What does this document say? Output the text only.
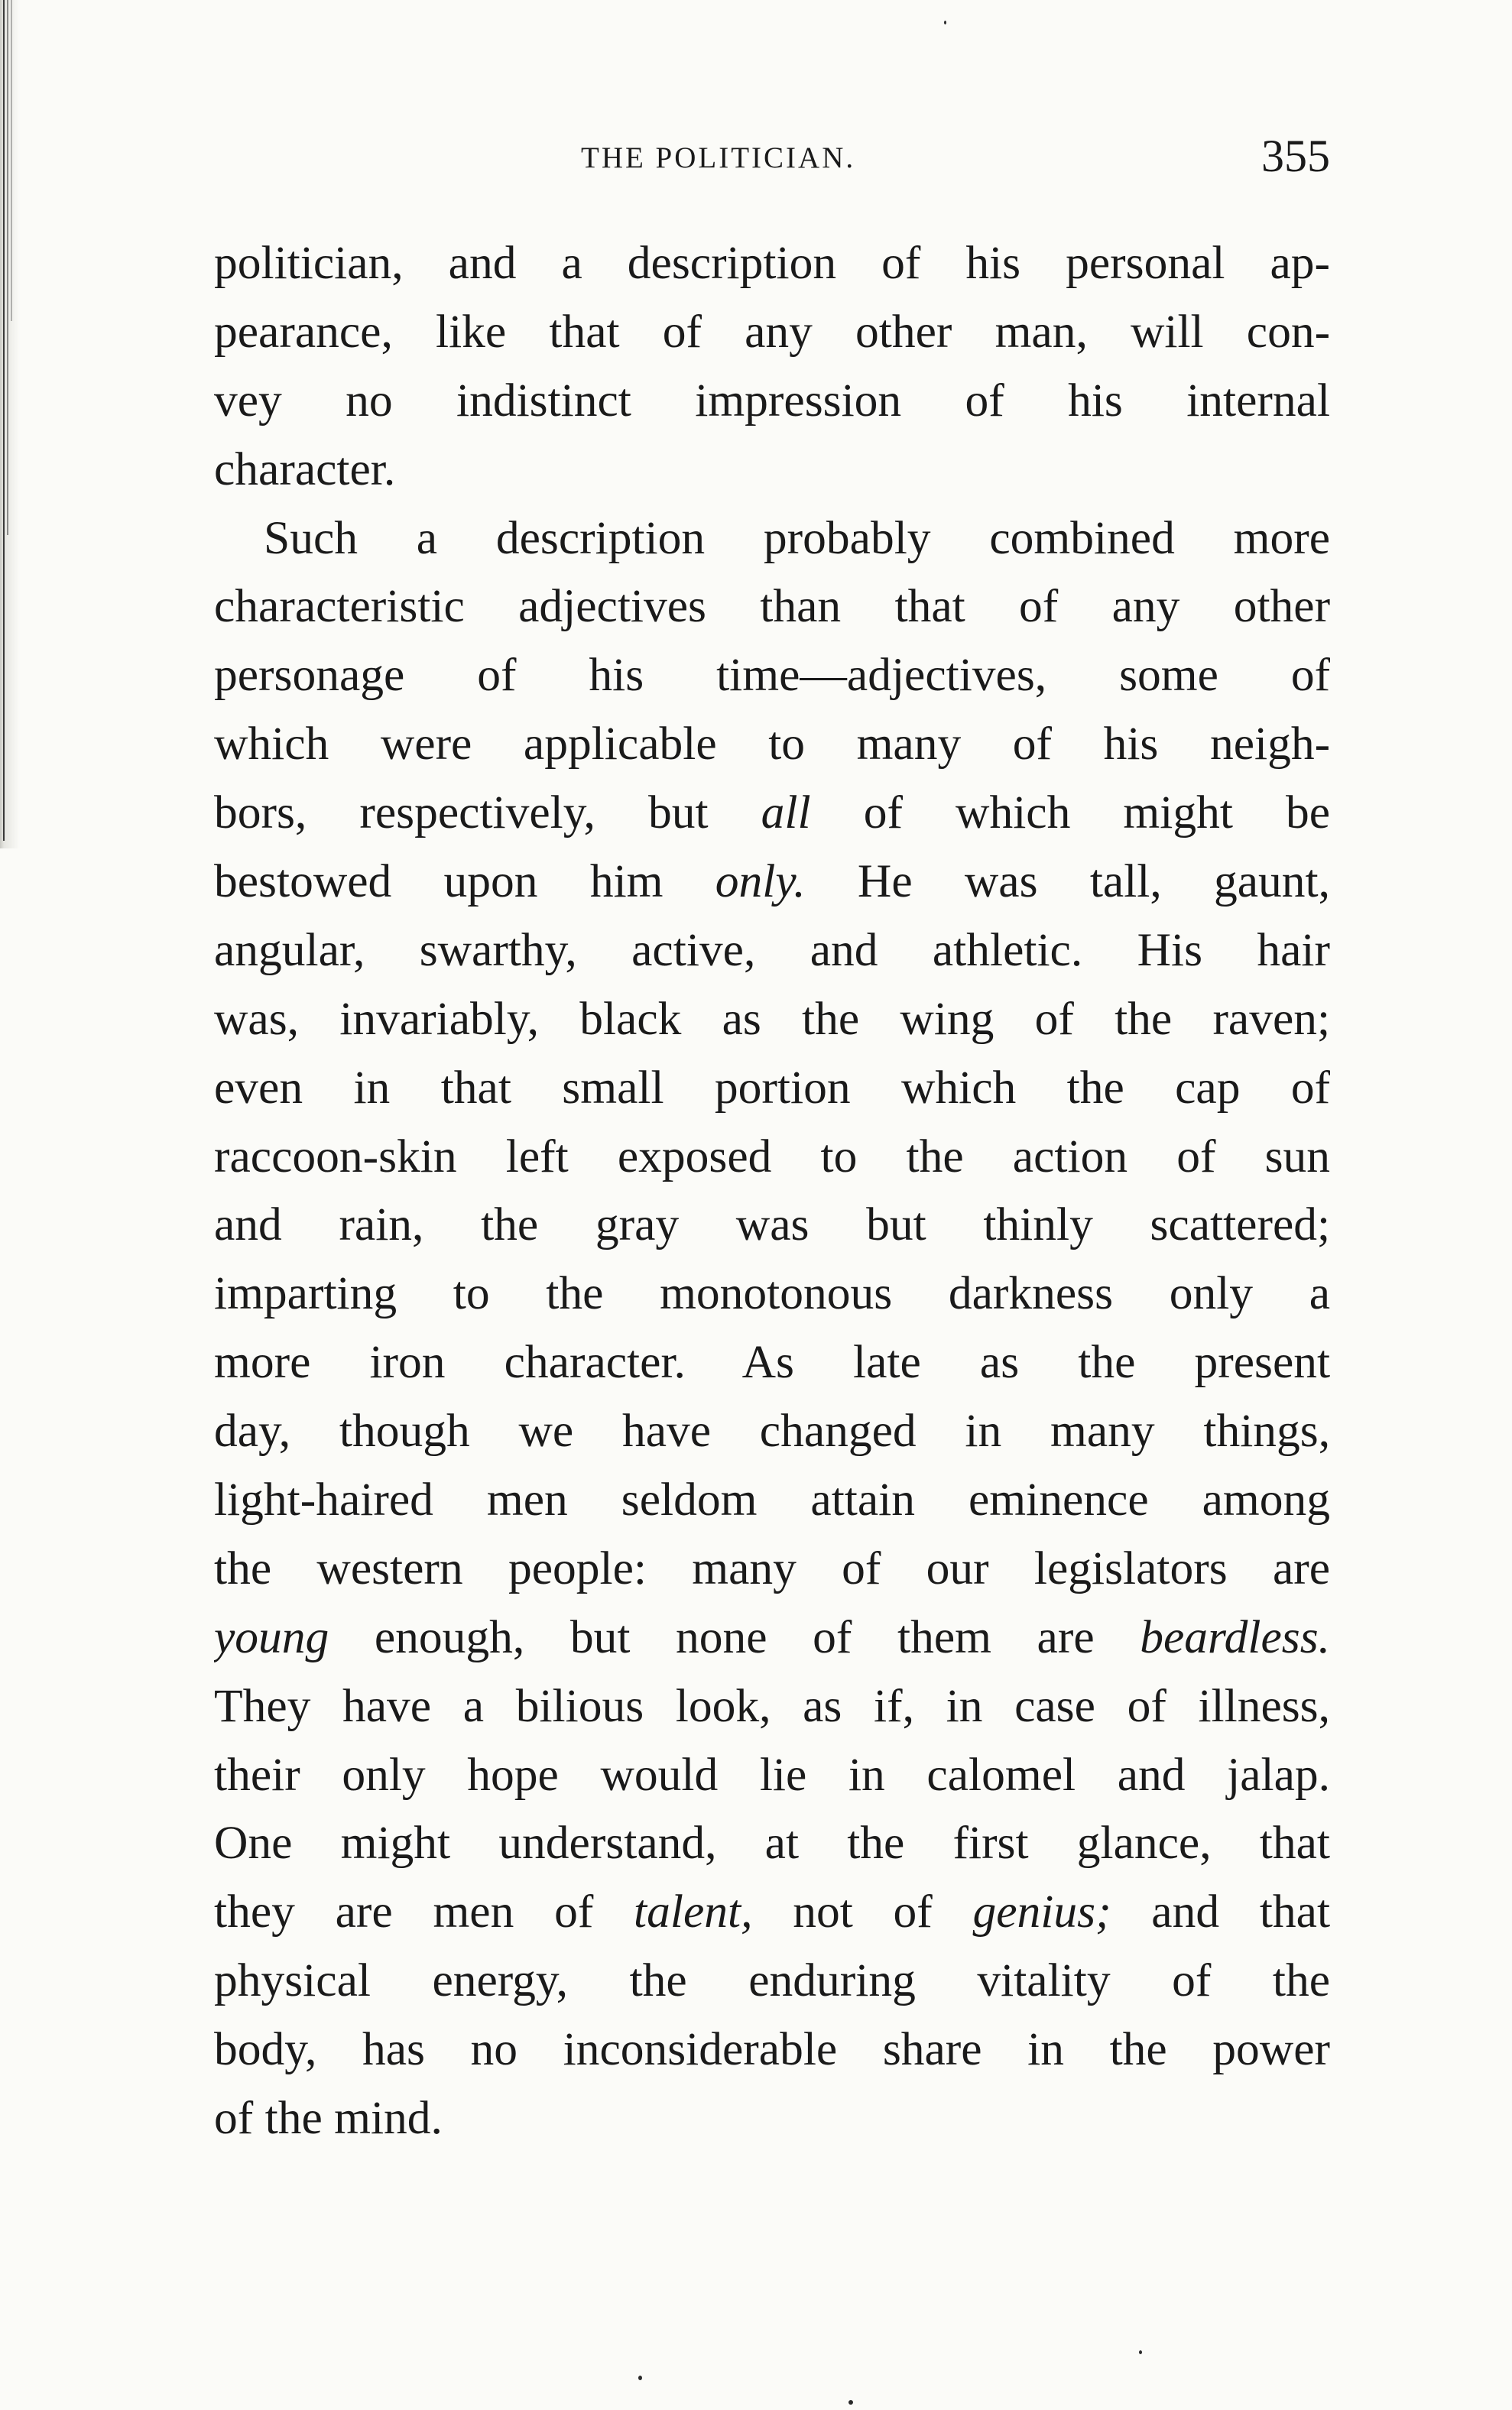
THE POLITICIAN.	355
politician, and a description of his personal ap-
pearance, like that of any other man, will con-
vey no indistinct impression of his internal
character.
Such a description probably combined more
characteristic adjectives than that of any other
personage of his time—adjectives, some of
which were applicable to many of his neigh-
bors, respectively, but all of which might be
bestowed upon him only. He was tall, gaunt,
angular, swarthy, active, and athletic. His hair
was, invariably, black as the wing of the raven;
even in that small portion which the cap of
raccoon-skin left exposed to the action of sun
and rain, the gray was but thinly scattered;
imparting to the monotonous darkness only a
more iron character. As late as the present
day, though we have changed in many things,
light-haired men seldom attain eminence among
the western people: many of our legislators are
young enough, but none of them are beardless.
They have a bilious look, as if, in case of illness,
their only hope would lie in calomel and jalap.
One might understand, at the first glance, that
they are men of talent, not of genius; and that
physical energy, the enduring vitality of the
body, has no inconsiderable share in the power
of the mind.
